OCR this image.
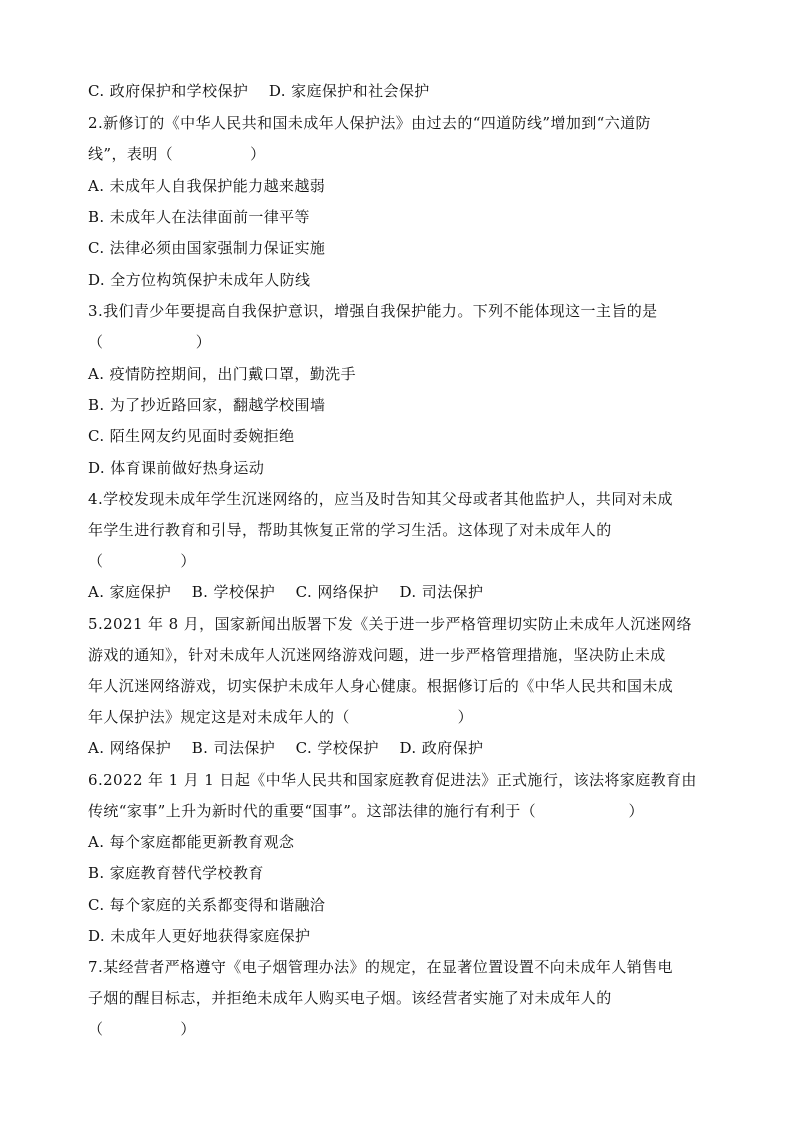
C. 政府保护和学校保护　 D. 家庭保护和社会保护
2.新修订的《中华人民共和国未成年人保护法》由过去的“四道防线”增加到“六道防
线”，表明（　　　　　）
A. 未成年人自我保护能力越来越弱
B. 未成年人在法律面前一律平等
C. 法律必须由国家强制力保证实施
D. 全方位构筑保护未成年人防线
3.我们青少年要提高自我保护意识，增强自我保护能力。下列不能体现这一主旨的是
（　　　　　　）
A. 疫情防控期间，出门戴口罩，勤洗手
B. 为了抄近路回家，翻越学校围墙
C. 陌生网友约见面时委婉拒绝
D. 体育课前做好热身运动
4.学校发现未成年学生沉迷网络的，应当及时告知其父母或者其他监护人，共同对未成
年学生进行教育和引导，帮助其恢复正常的学习生活。这体现了对未成年人的
（　　　　　）
A. 家庭保护　 B. 学校保护　 C. 网络保护　 D. 司法保护
5.2021 年 8 月，国家新闻出版署下发《关于进一步严格管理切实防止未成年人沉迷网络
游戏的通知》，针对未成年人沉迷网络游戏问题，进一步严格管理措施，坚决防止未成
年人沉迷网络游戏，切实保护未成年人身心健康。根据修订后的《中华人民共和国未成
年人保护法》规定这是对未成年人的（　　　　　　　）
A. 网络保护　 B. 司法保护　 C. 学校保护　 D. 政府保护
6.2022 年 1 月 1 日起《中华人民共和国家庭教育促进法》正式施行，该法将家庭教育由
传统“家事”上升为新时代的重要“国事”。这部法律的施行有利于（　　　　　　）
A. 每个家庭都能更新教育观念
B. 家庭教育替代学校教育
C. 每个家庭的关系都变得和谐融洽
D. 未成年人更好地获得家庭保护
7.某经营者严格遵守《电子烟管理办法》的规定，在显著位置设置不向未成年人销售电
子烟的醒目标志，并拒绝未成年人购买电子烟。该经营者实施了对未成年人的
（　　　　　）
